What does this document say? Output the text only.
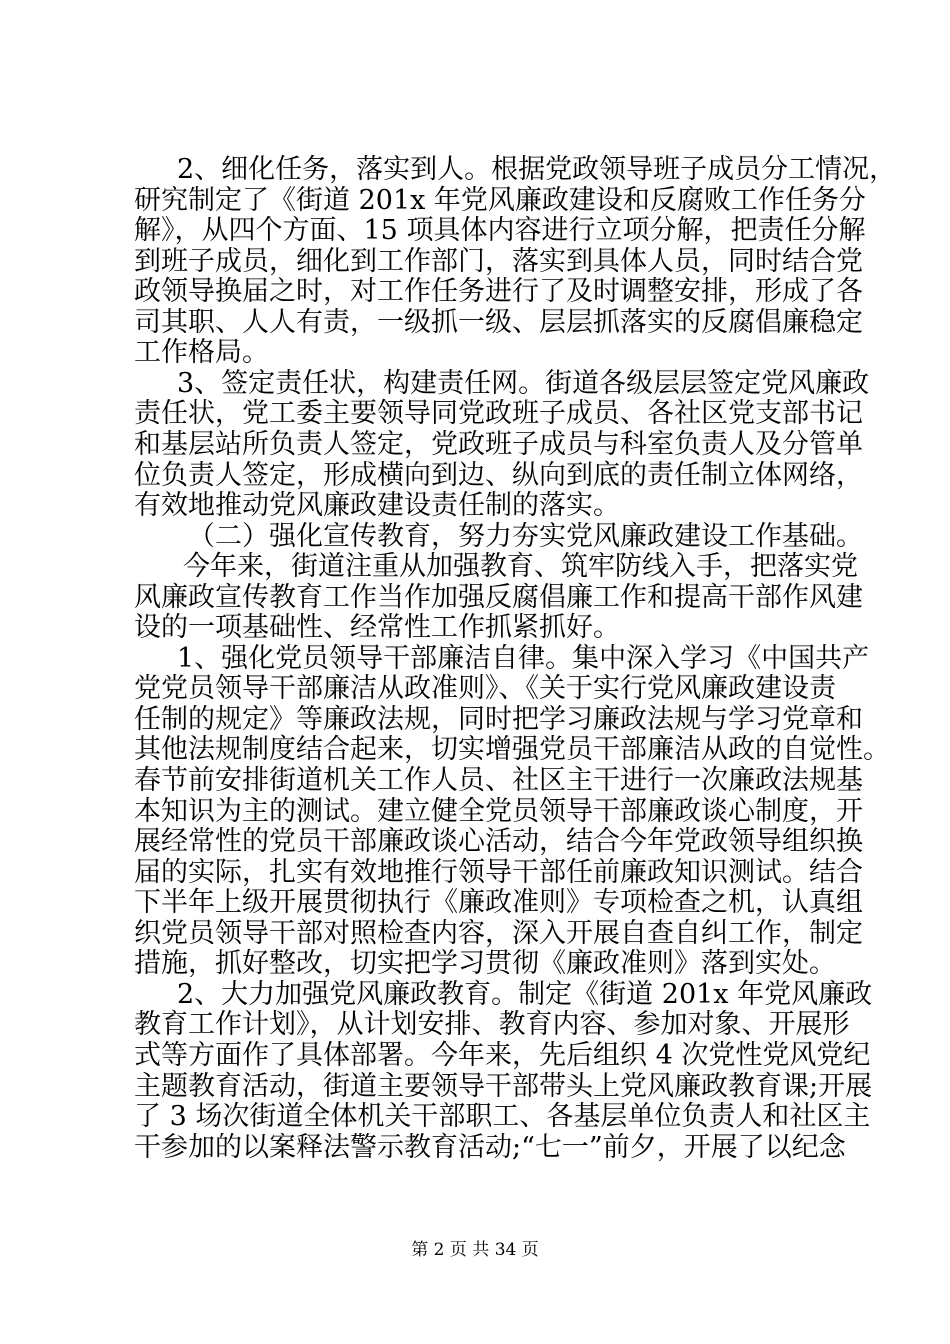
2、细化任务，落实到人。根据党政领导班子成员分工情况，
研究制定了《街道 201x 年党风廉政建设和反腐败工作任务分
解》，从四个方面、15 项具体内容进行立项分解，把责任分解
到班子成员，细化到工作部门，落实到具体人员，同时结合党
政领导换届之时，对工作任务进行了及时调整安排，形成了各
司其职、人人有责，一级抓一级、层层抓落实的反腐倡廉稳定
工作格局。
3、签定责任状，构建责任网。街道各级层层签定党风廉政
责任状，党工委主要领导同党政班子成员、各社区党支部书记
和基层站所负责人签定，党政班子成员与科室负责人及分管单
位负责人签定，形成横向到边、纵向到底的责任制立体网络，
有效地推动党风廉政建设责任制的落实。
（二）强化宣传教育，努力夯实党风廉政建设工作基础。
今年来，街道注重从加强教育、筑牢防线入手，把落实党
风廉政宣传教育工作当作加强反腐倡廉工作和提高干部作风建
设的一项基础性、经常性工作抓紧抓好。
1、强化党员领导干部廉洁自律。集中深入学习《中国共产
党党员领导干部廉洁从政准则》、《关于实行党风廉政建设责
任制的规定》等廉政法规，同时把学习廉政法规与学习党章和
其他法规制度结合起来，切实增强党员干部廉洁从政的自觉性。
春节前安排街道机关工作人员、社区主干进行一次廉政法规基
本知识为主的测试。建立健全党员领导干部廉政谈心制度，开
展经常性的党员干部廉政谈心活动，结合今年党政领导组织换
届的实际，扎实有效地推行领导干部任前廉政知识测试。结合
下半年上级开展贯彻执行《廉政准则》专项检查之机，认真组
织党员领导干部对照检查内容，深入开展自查自纠工作，制定
措施，抓好整改，切实把学习贯彻《廉政准则》落到实处。
2、大力加强党风廉政教育。制定《街道 201x 年党风廉政
教育工作计划》，从计划安排、教育内容、参加对象、开展形
式等方面作了具体部署。今年来，先后组织 4 次党性党风党纪
主题教育活动，街道主要领导干部带头上党风廉政教育课;开展
了 3 场次街道全体机关干部职工、各基层单位负责人和社区主
干参加的以案释法警示教育活动;“七一”前夕，开展了以纪念
第 2 页 共 34 页
